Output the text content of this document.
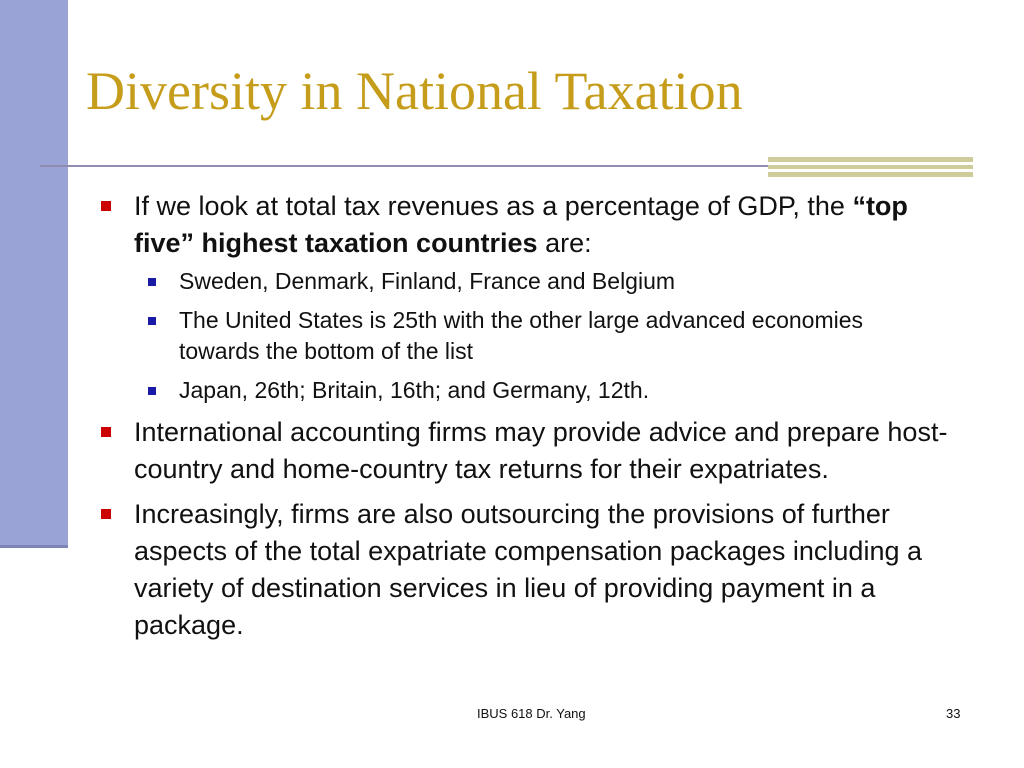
Diversity in National Taxation
If we look at total tax revenues as a percentage of GDP, the “top five” highest taxation countries are:
Sweden, Denmark, Finland, France and Belgium
The United States is 25th with the other large advanced economies towards the bottom of the list
Japan, 26th; Britain, 16th; and Germany, 12th.
International accounting firms may provide advice and prepare host-country and home-country tax returns for their expatriates.
Increasingly, firms are also outsourcing the provisions of further aspects of the total expatriate compensation packages including a variety of destination services in lieu of providing payment in a package.
IBUS 618 Dr. Yang	33
